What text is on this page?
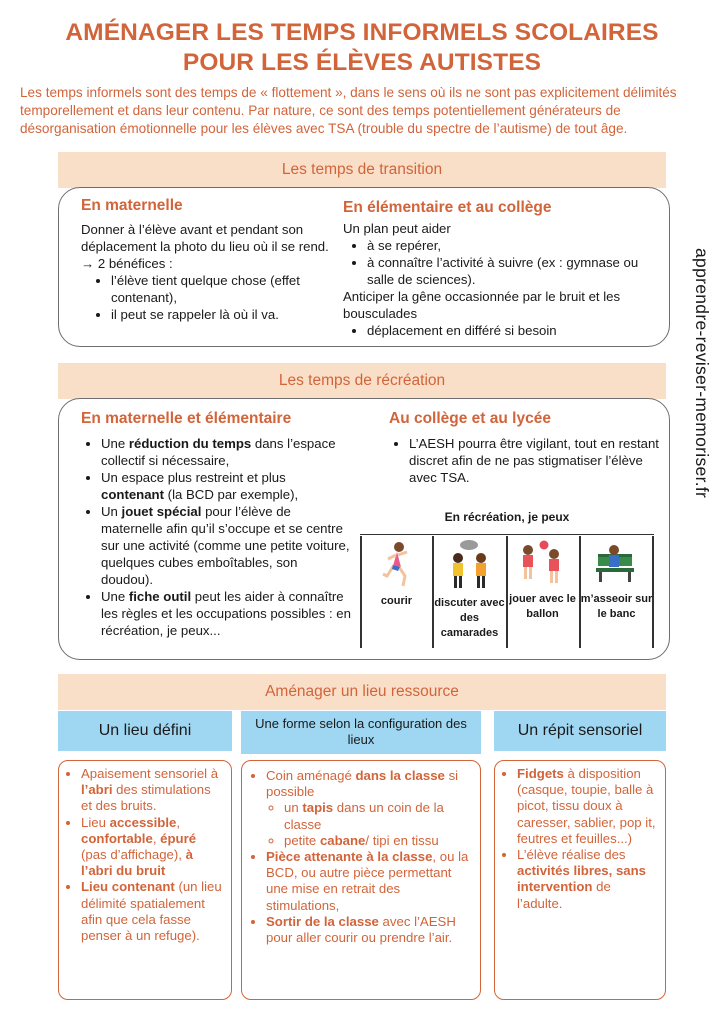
AMÉNAGER LES TEMPS INFORMELS SCOLAIRES
POUR LES ÉLÈVES AUTISTES
Les temps informels sont des temps de « flottement », dans le sens où ils ne sont pas explicitement délimités temporellement et dans leur contenu. Par nature, ce sont des temps potentiellement générateurs de désorganisation émotionnelle pour les élèves avec TSA (trouble du spectre de l’autisme) de tout âge.
Les temps de transition
En maternelle
Donner à l’élève avant et pendant son déplacement la photo du lieu où il se rend.
→ 2 bénéfices :
• l’élève tient quelque chose (effet contenant),
• il peut se rappeler là où il va.
En élémentaire et au collège
Un plan peut aider
• à se repérer,
• à connaître l’activité à suivre (ex : gymnase ou salle de sciences).
Anticiper la gêne occasionnée par le bruit et les bousculades
• déplacement en différé si besoin	apprendre-reviser-memoriser.fr
Les temps de récréation
En maternelle et élémentaire
• Une réduction du temps dans l’espace collectif si nécessaire,
• Un espace plus restreint et plus contenant (la BCD par exemple),
• Un jouet spécial pour l’élève de maternelle afin qu’il s’occupe et se centre sur une activité (comme une petite voiture, quelques cubes emboîtables, son doudou).
• Une fiche outil peut les aider à connaître les règles et les occupations possibles : en récréation, je peux...
Au collège et au lycée
• L’AESH pourra être vigilant, tout en restant discret afin de ne pas stigmatiser l’élève avec TSA.
En récréation, je peux
courir	discuter avec des camarades
jouer avec le ballon
m’asseoir sur le banc
Aménager un lieu ressource
Un lieu défini
• Apaisement sensoriel à l’abri des stimulations et des bruits.
• Lieu accessible, confortable, épuré (pas d’affichage), à l’abri du bruit
• Lieu contenant (un lieu délimité spatialement afin que cela fasse penser à un refuge).
Une forme selon la configuration des lieux
• Coin aménagé dans la classe si possible
◦ un tapis dans un coin de la classe
◦ petite cabane/ tipi en tissu
• Pièce attenante à la classe, ou la BCD, ou autre pièce permettant une mise en retrait des stimulations,
• Sortir de la classe avec l’AESH pour aller courir ou prendre l’air.
Un répit sensoriel
• Fidgets à disposition (casque, toupie, balle à picot, tissu doux à caresser, sablier, pop it, feutres et feuilles...)
• L’élève réalise des activités libres, sans intervention de l’adulte.
